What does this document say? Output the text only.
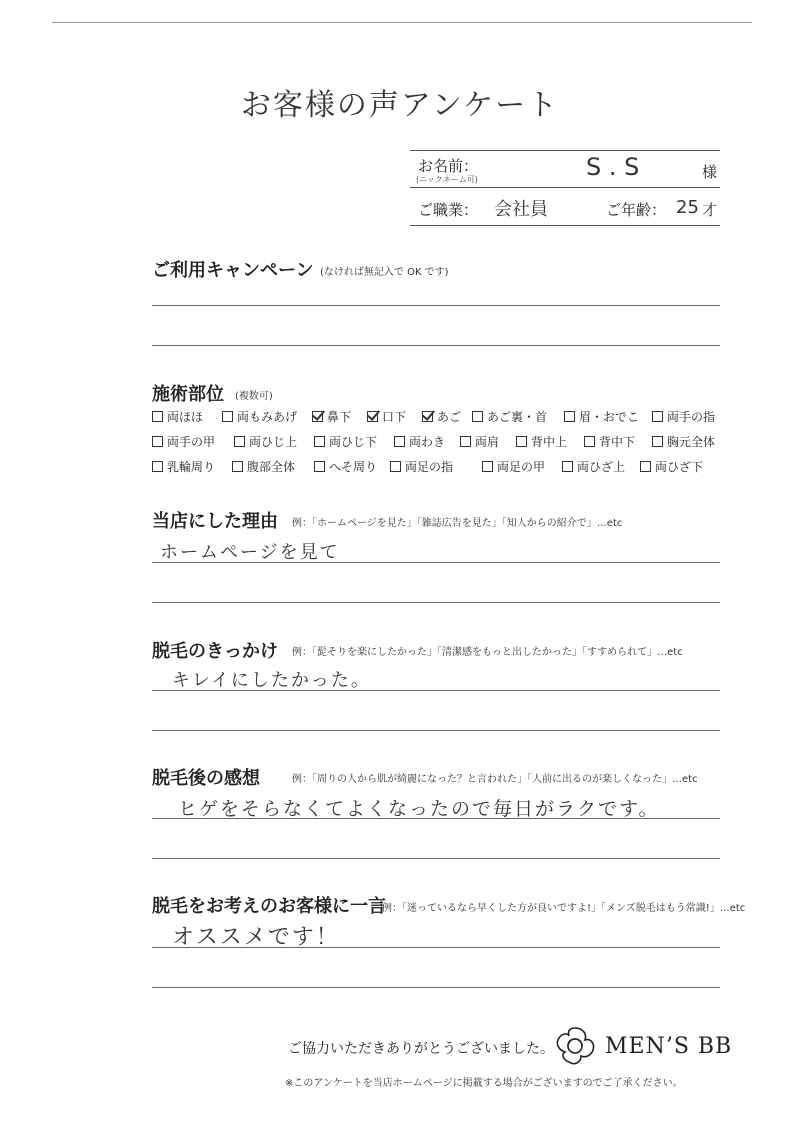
お客様の声アンケート
お名前：
(ニックネーム可)	S . S	様
ご職業： 会社員	ご年齢： 25 才
ご利用キャンペーン (なければ無記入で OK です)
施術部位 (複数可)
両ほほ	両もみあげ	鼻下	口下	あご	あご裏・首	眉・おでこ	両手の指
両手の甲	両ひじ上	両ひじ下	両わき	両肩	背中上	背中下	胸元全体
乳輪周り	腹部全体	へそ周り	両足の指	両足の甲	両ひざ上	両ひざ下
当店にした理由 例：「ホームページを見た」「雑誌広告を見た」「知人からの紹介で」…etc
ホームページを見て
脱毛のきっかけ 例：「髭そりを楽にしたかった」「清潔感をもっと出したかった」「すすめられて」…etc
キレイにしたかった。
脱毛後の感想	例：「周りの人から肌が綺麗になった？と言われた」「人前に出るのが楽しくなった」…etc
ヒゲをそらなくてよくなったので毎日がラクです。
脱毛をお考えのお客様に一言
例：「迷っているなら早くした方が良いですよ!」「メンズ脱毛はもう常識!」…etc
オススメです！
ご協力いただきありがとうございました。 MEN’S BB
※このアンケートを当店ホームページに掲載する場合がございますのでご了承ください。
